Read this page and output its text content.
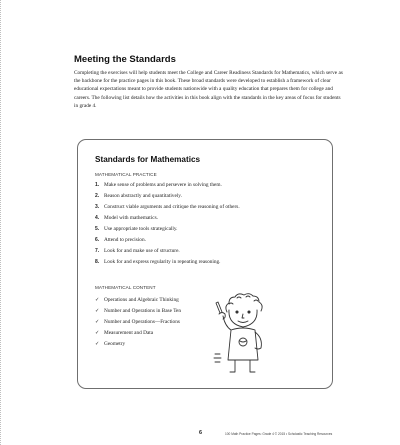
Meeting the Standards
Completing the exercises will help students meet the College and Career Readiness Standards for Mathematics, which serve as the backbone for the practice pages in this book. These broad standards were developed to establish a framework of clear educational expectations meant to provide students nationwide with a quality education that prepares them for college and careers. The following list details how the activities in this book align with the standards in the key areas of focus for students in grade 4.
Standards for Mathematics
MATHEMATICAL PRACTICE
1. Make sense of problems and persevere in solving them.
2. Reason abstractly and quantitatively.
3. Construct viable arguments and critique the reasoning of others.
4. Model with mathematics.
5. Use appropriate tools strategically.
6. Attend to precision.
7. Look for and make use of structure.
8. Look for and express regularity in repeating reasoning.
MATHEMATICAL CONTENT
✓ Operations and Algebraic Thinking
✓ Number and Operations in Base Ten
✓ Number and Operations—Fractions
✓ Measurement and Data
✓ Geometry
6	100 Math Practice Pages: Grade 4 © 2015 • Scholastic Teaching Resources
